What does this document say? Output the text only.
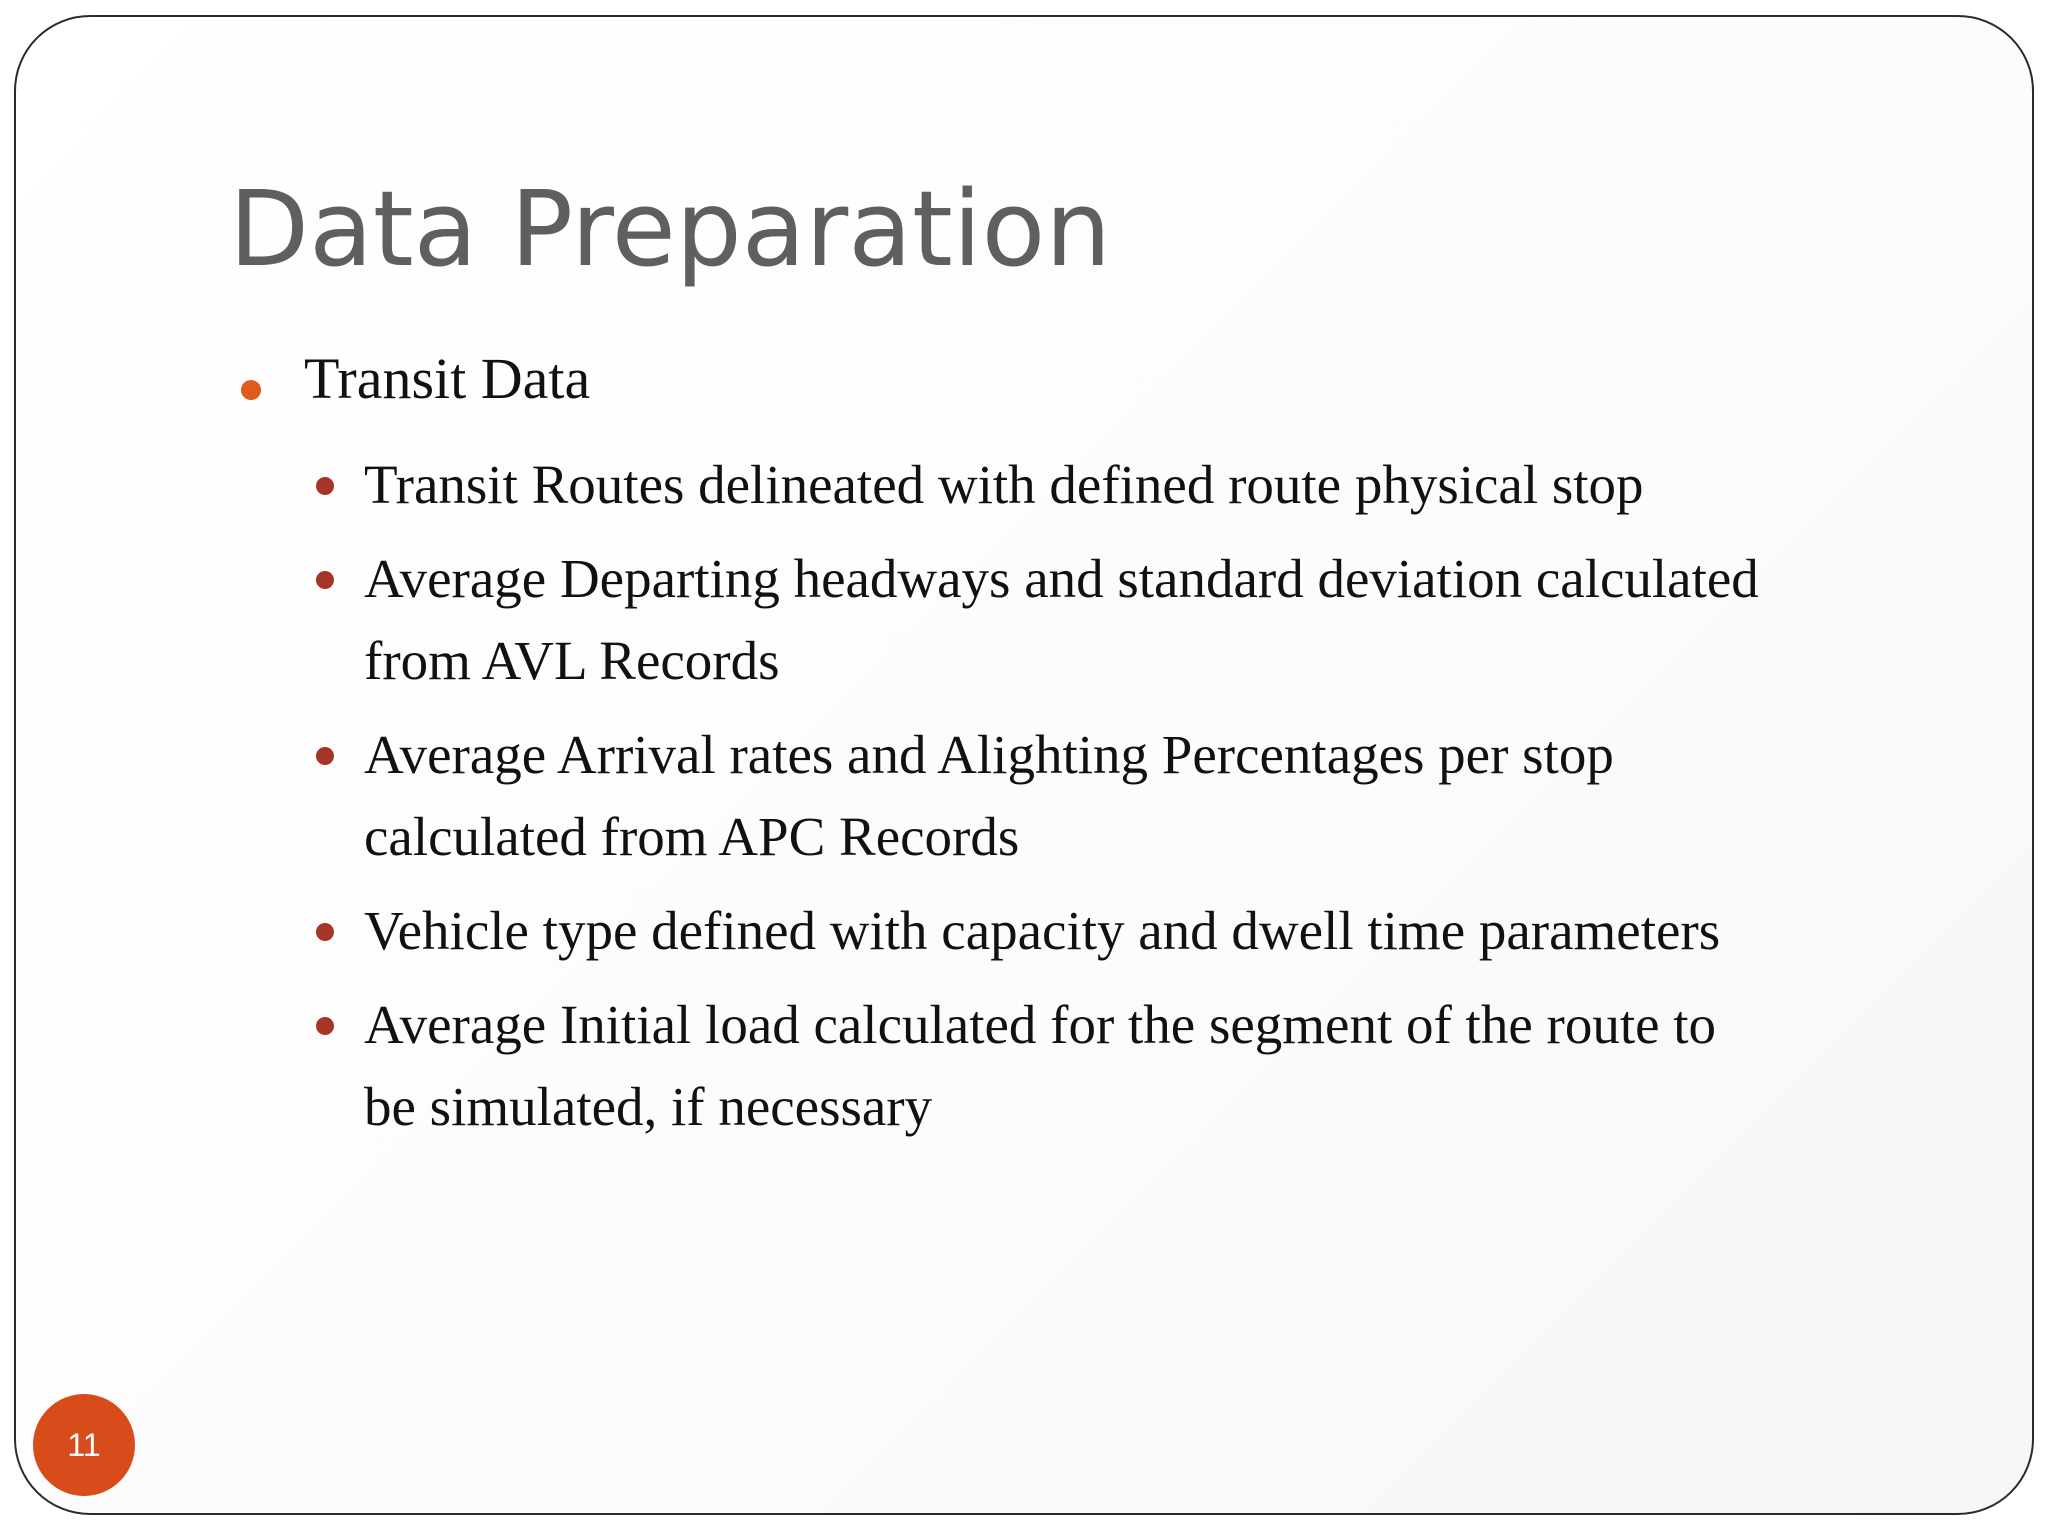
Data Preparation
Transit Data
Transit Routes delineated with defined route physical stop
Average Departing headways and standard deviation calculated
from AVL Records
Average Arrival rates and Alighting Percentages per stop
calculated from APC Records
Vehicle type defined with capacity and dwell time parameters
Average Initial load calculated for the segment of the route to
be simulated, if necessary
11
